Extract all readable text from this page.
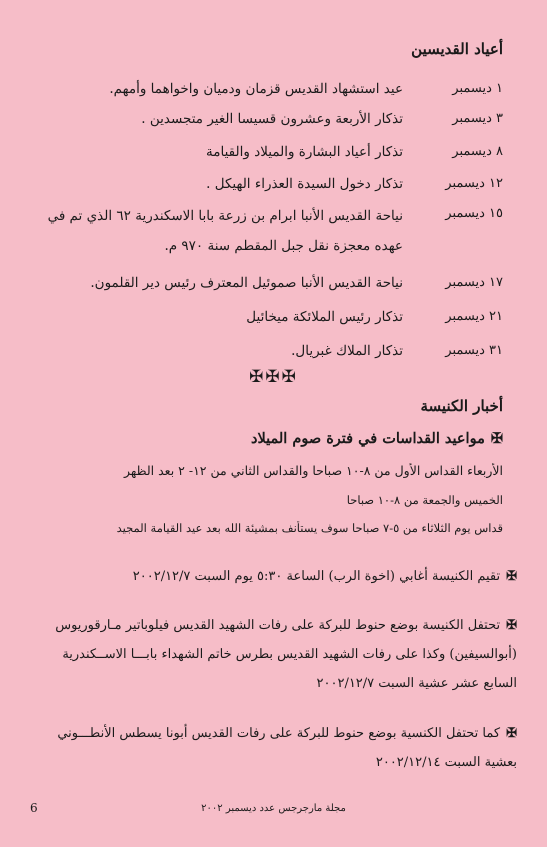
أعياد القديسين
١ ديسمبر
عيد استشهاد القديس قزمان ودميان واخواهما وأمهم.
٣ ديسمبر
تذكار الأربعة وعشرون قسيسا الغير متجسدين .
٨ ديسمبر
تذكار أعياد البشارة والميلاد والقيامة
١٢ ديسمبر
تذكار دخول السيدة العذراء الهيكل .
١٥ ديسمبر
نياحة القديس الأنبا ابرام بن زرعة بابا الاسكندرية ٦٢ الذي تم في عهده معجزة نقل جبل المقطم سنة ٩٧٠ م.
١٧ ديسمبر
نياحة القديس الأنبا صموئيل المعترف رئيس دير القلمون.
٢١ ديسمبر
تذكار رئيس الملائكة ميخائيل
٣١ ديسمبر
تذكار الملاك غبريال.
✠✠✠
أخبار الكنيسة
✠مواعيد القداسات في فترة صوم الميلاد
الأربعاء القداس الأول من ٨-١٠ صباحا والقداس الثاني من ١٢- ٢ بعد الظهر
الخميس والجمعة من ٨-١٠ صباحا
قداس يوم الثلاثاء من ٥-٧ صباحا سوف يستأنف بمشيئة الله بعد عيد القيامة المجيد
✠تقيم الكنيسة أغابي (اخوة الرب) الساعة ٥:٣٠ يوم السبت ٢٠٠٢/١٢/٧
✠تحتفل الكنيسة بوضع حنوط للبركة على رفات الشهيد القديس فيلوباتير مـارقوريوس (أبوالسيفين) وكذا على رفات الشهيد القديس بطرس خاتم الشهداء بابـــا الاســكندرية السابع عشر عشية السبت ٢٠٠٢/١٢/٧
✠كما تحتفل الكنسية بوضع حنوط للبركة على رفات القديس أبونا يسطس الأنطـــوني بعشية السبت ٢٠٠٢/١٢/١٤
مجلة مارجرجس عدد ديسمبر ٢٠٠٢
6
